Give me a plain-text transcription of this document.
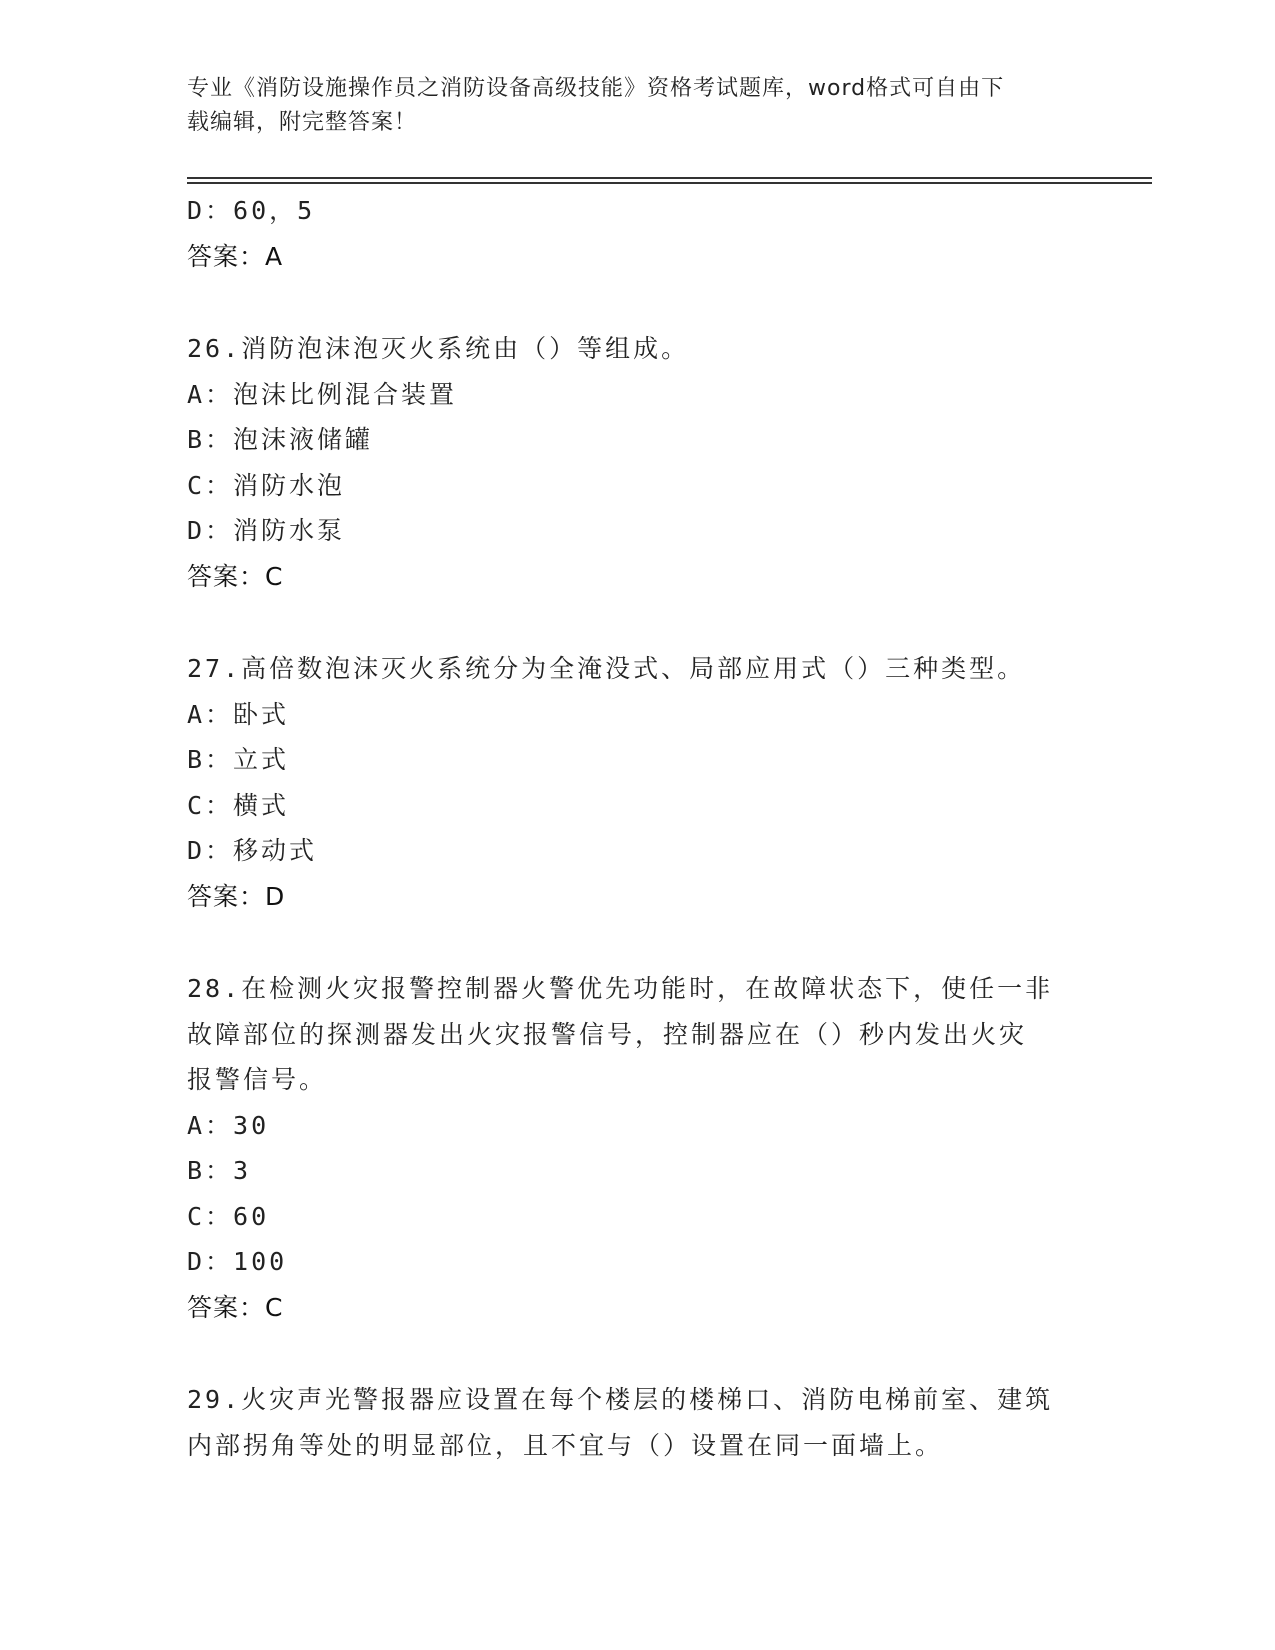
专业《消防设施操作员之消防设备高级技能》资格考试题库，word格式可自由下
载编辑，附完整答案！
D：60，5
答案：A
26.消防泡沫泡灭火系统由（）等组成。
A：泡沫比例混合装置
B：泡沫液储罐
C：消防水泡
D：消防水泵
答案：C
27.高倍数泡沫灭火系统分为全淹没式、局部应用式（）三种类型。
A：卧式
B：立式
C：横式
D：移动式
答案：D
28.在检测火灾报警控制器火警优先功能时，在故障状态下，使任一非
故障部位的探测器发出火灾报警信号，控制器应在（）秒内发出火灾
报警信号。
A：30
B：3
C：60
D：100
答案：C
29.火灾声光警报器应设置在每个楼层的楼梯口、消防电梯前室、建筑
内部拐角等处的明显部位，且不宜与（）设置在同一面墙上。
